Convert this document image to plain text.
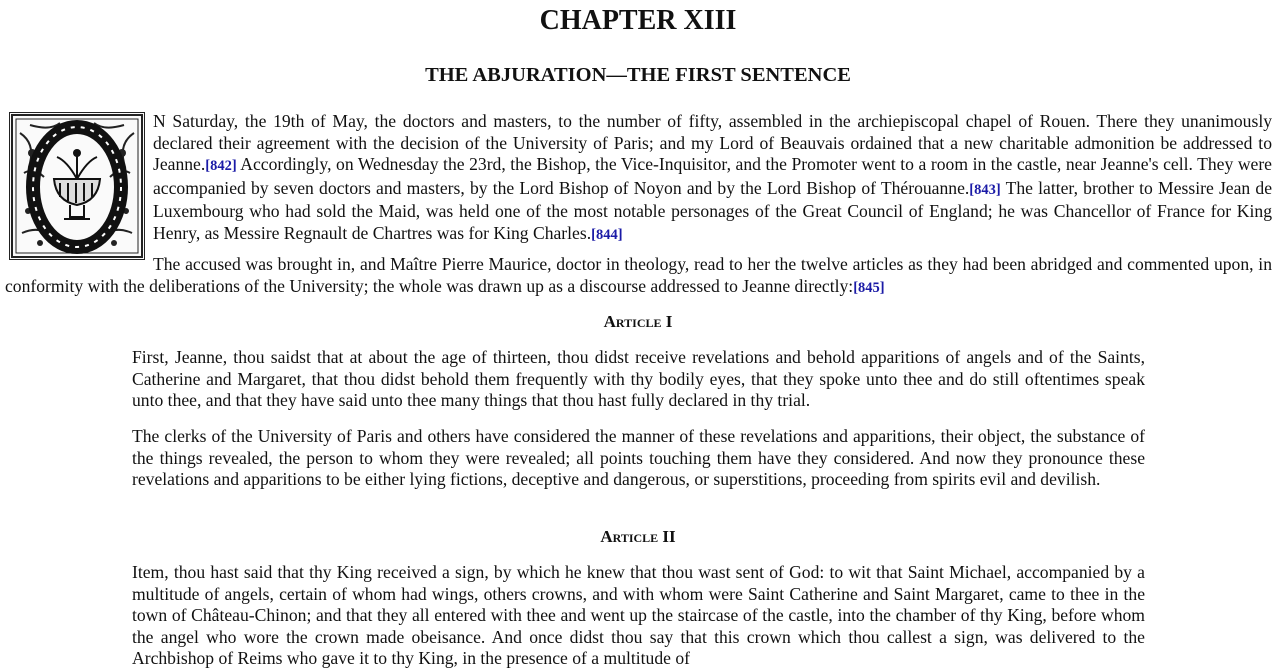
CHAPTER XIII
THE ABJURATION—THE FIRST SENTENCE

N Saturday, the 19th of May, the doctors and masters, to the number of fifty, assembled in the archiepiscopal chapel of Rouen. There they unanimously declared their agreement with the decision of the University of Paris; and my Lord of Beauvais ordained that a new charitable admonition be addressed to Jeanne.[842] Accordingly, on Wednesday the 23rd, the Bishop, the Vice-Inquisitor, and the Promoter went to a room in the castle, near Jeanne's cell. They were accompanied by seven doctors and masters, by the Lord Bishop of Noyon and by the Lord Bishop of Thérouanne.[843] The latter, brother to Messire Jean de Luxembourg who had sold the Maid, was held one of the most notable personages of the Great Council of England; he was Chancellor of France for King Henry, as Messire Regnault de Chartres was for King Charles.[844]

The accused was brought in, and Maître Pierre Maurice, doctor in theology, read to her the twelve articles as they had been abridged and commented upon, in conformity with the deliberations of the University; the whole was drawn up as a discourse addressed to Jeanne directly:[845]

Article I

First, Jeanne, thou saidst that at about the age of thirteen, thou didst receive revelations and behold apparitions of angels and of the Saints, Catherine and Margaret, that thou didst behold them frequently with thy bodily eyes, that they spoke unto thee and do still oftentimes speak unto thee, and that they have said unto thee many things that thou hast fully declared in thy trial.

The clerks of the University of Paris and others have considered the manner of these revelations and apparitions, their object, the substance of the things revealed, the person to whom they were revealed; all points touching them have they considered. And now they pronounce these revelations and apparitions to be either lying fictions, deceptive and dangerous, or superstitions, proceeding from spirits evil and devilish.

Article II

Item, thou hast said that thy King received a sign, by which he knew that thou wast sent of God: to wit that Saint Michael, accompanied by a multitude of angels, certain of whom had wings, others crowns, and with whom were Saint Catherine and Saint Margaret, came to thee in the town of Château-Chinon; and that they all entered with thee and went up the staircase of the castle, into the chamber of thy King, before whom the angel who wore the crown made obeisance. And once didst thou say that this crown which thou callest a sign, was delivered to the Archbishop of Reims who gave it to thy King, in the presence of a multitude of
